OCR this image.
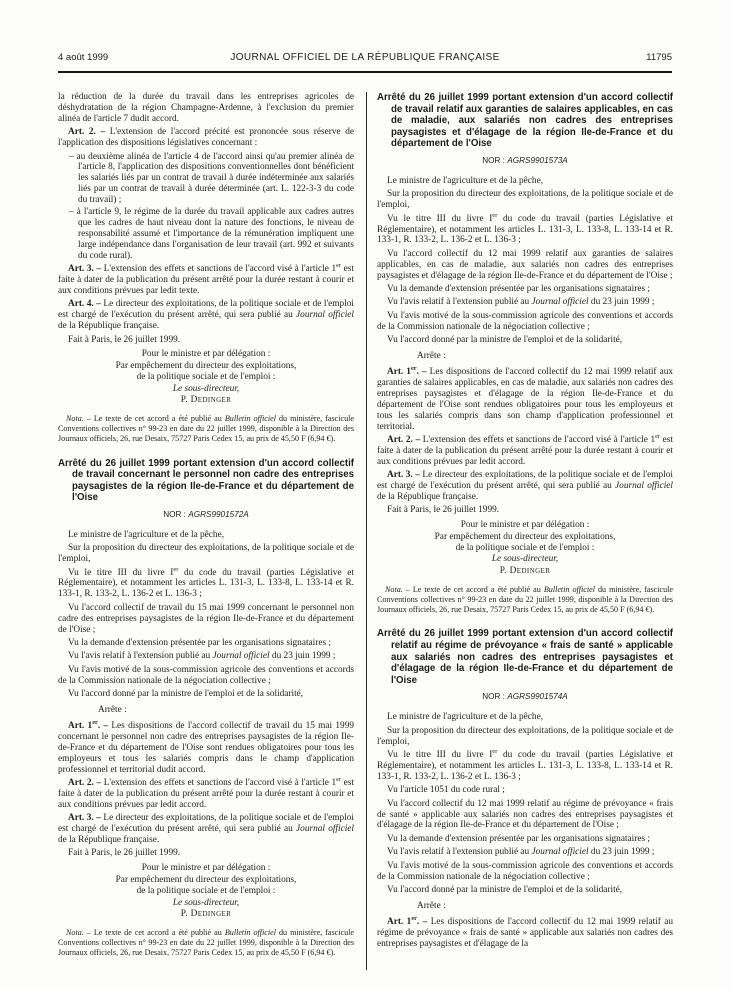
4 août 1999	JOURNAL OFFICIEL DE LA RÉPUBLIQUE FRANÇAISE	11795
la réduction de la durée du travail dans les entreprises agricoles de déshydratation de la région Champagne-Ardenne, à l'exclusion du premier alinéa de l'article 7 dudit accord.
Art. 2. – L'extension de l'accord précité est prononcée sous réserve de l'application des dispositions législatives concernant :
– au deuxième alinéa de l'article 4 de l'accord ainsi qu'au premier alinéa de l'article 8, l'application des dispositions conventionnelles dont bénéficient les salariés liés par un contrat de travail à durée indéterminée aux salariés liés par un contrat de travail à durée déterminée (art. L. 122-3-3 du code du travail) ;
– à l'article 9, le régime de la durée du travail applicable aux cadres autres que les cadres de haut niveau dont la nature des fonctions, le niveau de responsabilité assumé et l'importance de la rémunération impliquent une large indépendance dans l'organisation de leur travail (art. 992 et suivants du code rural).
Art. 3. – L'extension des effets et sanctions de l'accord visé à l'article 1er est faite à dater de la publication du présent arrêté pour la durée restant à courir et aux conditions prévues par ledit texte.
Art. 4. – Le directeur des exploitations, de la politique sociale et de l'emploi est chargé de l'exécution du présent arrêté, qui sera publié au Journal officiel de la République française.
Fait à Paris, le 26 juillet 1999.
Pour le ministre et par délégation :
Par empêchement du directeur des exploitations,
de la politique sociale et de l'emploi :
Le sous-directeur,
P. Dedinger
Nota. – Le texte de cet accord a été publié au Bulletin officiel du ministère, fascicule Conventions collectives n° 99-23 en date du 22 juillet 1999, disponible à la Direction des Journaux officiels, 26, rue Desaix, 75727 Paris Cedex 15, au prix de 45,50 F (6,94 €).
Arrêté du 26 juillet 1999 portant extension d'un accord collectif de travail concernant le personnel non cadre des entreprises paysagistes de la région Ile-de-France et du département de l'Oise
NOR : AGRS9901572A
Le ministre de l'agriculture et de la pêche,
Sur la proposition du directeur des exploitations, de la politique sociale et de l'emploi,
Vu le titre III du livre Ier du code du travail (parties Législative et Réglementaire), et notamment les articles L. 131-3, L. 133-8, L. 133-14 et R. 133-1, R. 133-2, L. 136-2 et L. 136-3 ;
Vu l'accord collectif de travail du 15 mai 1999 concernant le personnel non cadre des entreprises paysagistes de la région Ile-de-France et du département de l'Oise ;
Vu la demande d'extension présentée par les organisations signataires ;
Vu l'avis relatif à l'extension publié au Journal officiel du 23 juin 1999 ;
Vu l'avis motivé de la sous-commission agricole des conventions et accords de la Commission nationale de la négociation collective ;
Vu l'accord donné par la ministre de l'emploi et de la solidarité,
Arrête :
Art. 1er. – Les dispositions de l'accord collectif de travail du 15 mai 1999 concernant le personnel non cadre des entreprises paysagistes de la région Ile-de-France et du département de l'Oise sont rendues obligatoires pour tous les employeurs et tous les salariés compris dans le champ d'application professionnel et territorial dudit accord.
Art. 2. – L'extension des effets et sanctions de l'accord visé à l'article 1er est faite à dater de la publication du présent arrêté pour la durée restant à courir et aux conditions prévues par ledit accord.
Art. 3. – Le directeur des exploitations, de la politique sociale et de l'emploi est chargé de l'exécution du présent arrêté, qui sera publié au Journal officiel de la République française.
Fait à Paris, le 26 juillet 1999.
Pour le ministre et par délégation :
Par empêchement du directeur des exploitations,
de la politique sociale et de l'emploi :
Le sous-directeur,
P. Dedinger
Nota. – Le texte de cet accord a été publié au Bulletin officiel du ministère, fascicule Conventions collectives n° 99-23 en date du 22 juillet 1999, disponible à la Direction des Journaux officiels, 26, rue Desaix, 75727 Paris Cedex 15, au prix de 45,50 F (6,94 €).
Arrêté du 26 juillet 1999 portant extension d'un accord collectif de travail relatif aux garanties de salaires applicables, en cas de maladie, aux salariés non cadres des entreprises paysagistes et d'élagage de la région Ile-de-France et du département de l'Oise
NOR : AGRS9901573A
Le ministre de l'agriculture et de la pêche,
Sur la proposition du directeur des exploitations, de la politique sociale et de l'emploi,
Vu le titre III du livre Ier du code du travail (parties Législative et Réglementaire), et notamment les articles L. 131-3, L. 133-8, L. 133-14 et R. 133-1, R. 133-2, L. 136-2 et L. 136-3 ;
Vu l'accord collectif du 12 mai 1999 relatif aux garanties de salaires applicables, en cas de maladie, aux salariés non cadres des entreprises paysagistes et d'élagage de la région Ile-de-France et du département de l'Oise ;
Vu la demande d'extension présentée par les organisations signataires ;
Vu l'avis relatif à l'extension publié au Journal officiel du 23 juin 1999 ;
Vu l'avis motivé de la sous-commission agricole des conventions et accords de la Commission nationale de la négociation collective ;
Vu l'accord donné par la ministre de l'emploi et de la solidarité,
Arrête :
Art. 1er. – Les dispositions de l'accord collectif du 12 mai 1999 relatif aux garanties de salaires applicables, en cas de maladie, aux salariés non cadres des entreprises paysagistes et d'élagage de la région Ile-de-France et du département de l'Oise sont rendues obligatoires pour tous les employeurs et tous les salariés compris dans son champ d'application professionnel et territorial.
Art. 2. – L'extension des effets et sanctions de l'accord visé à l'article 1er est faite à dater de la publication du présent arrêté pour la durée restant à courir et aux conditions prévues par ledit accord.
Art. 3. – Le directeur des exploitations, de la politique sociale et de l'emploi est chargé de l'exécution du présent arrêté, qui sera publié au Journal officiel de la République française.
Fait à Paris, le 26 juillet 1999.
Pour le ministre et par délégation :
Par empêchement du directeur des exploitations,
de la politique sociale et de l'emploi :
Le sous-directeur,
P. Dedinger
Nota. – Le texte de cet accord a été publié au Bulletin officiel du ministère, fascicule Conventions collectives n° 99-23 en date du 22 juillet 1999, disponible à la Direction des Journaux officiels, 26, rue Desaix, 75727 Paris Cedex 15, au prix de 45,50 F (6,94 €).
Arrêté du 26 juillet 1999 portant extension d'un accord collectif relatif au régime de prévoyance « frais de santé » applicable aux salariés non cadres des entreprises paysagistes et d'élagage de la région Ile-de-France et du département de l'Oise
NOR : AGRS9901574A
Le ministre de l'agriculture et de la pêche,
Sur la proposition du directeur des exploitations, de la politique sociale et de l'emploi,
Vu le titre III du livre Ier du code du travail (parties Législative et Réglementaire), et notamment les articles L. 131-3, L. 133-8, L. 133-14 et R. 133-1, R. 133-2, L. 136-2 et L. 136-3 ;
Vu l'article 1051 du code rural ;
Vu l'accord collectif du 12 mai 1999 relatif au régime de prévoyance « frais de santé » applicable aux salariés non cadres des entreprises paysagistes et d'élagage de la région Ile-de-France et du département de l'Oise ;
Vu la demande d'extension présentée par les organisations signataires ;
Vu l'avis relatif à l'extension publié au Journal officiel du 23 juin 1999 ;
Vu l'avis motivé de la sous-commission agricole des conventions et accords de la Commission nationale de la négociation collective ;
Vu l'accord donné par la ministre de l'emploi et de la solidarité,
Arrête :
Art. 1er. – Les dispositions de l'accord collectif du 12 mai 1999 relatif au régime de prévoyance « frais de santé » applicable aux salariés non cadres des entreprises paysagistes et d'élagage de la
